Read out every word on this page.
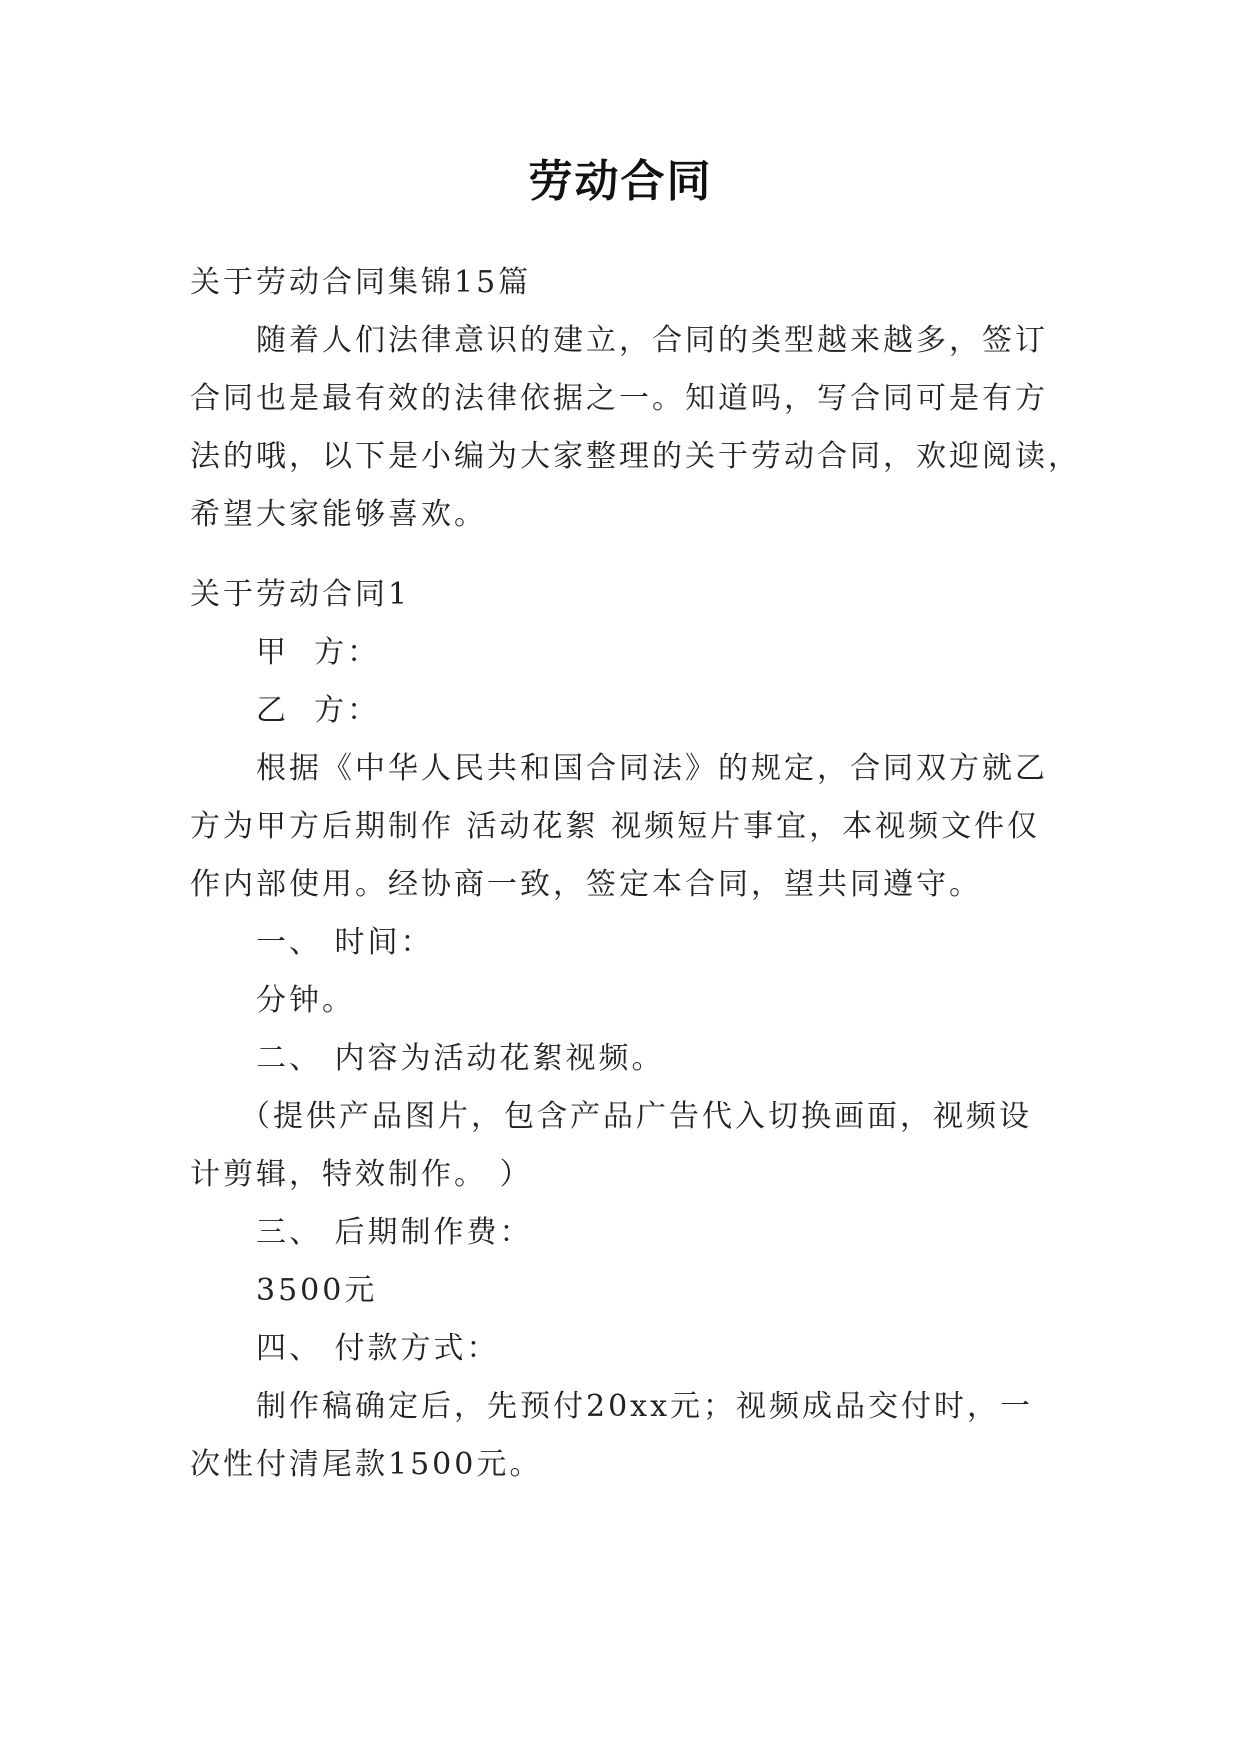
劳动合同
关于劳动合同集锦15篇
随着人们法律意识的建立，合同的类型越来越多，签订
合同也是最有效的法律依据之一。知道吗，写合同可是有方
法的哦，以下是小编为大家整理的关于劳动合同，欢迎阅读，
希望大家能够喜欢。
关于劳动合同1
甲  方：
乙  方：
根据《中华人民共和国合同法》的规定，合同双方就乙
方为甲方后期制作 活动花絮 视频短片事宜，本视频文件仅
作内部使用。经协商一致，签定本合同，望共同遵守。
一、 时间：
分钟。
二、 内容为活动花絮视频。
（提供产品图片，包含产品广告代入切换画面，视频设
计剪辑，特效制作。 ）
三、 后期制作费：
3500元
四、 付款方式：
制作稿确定后，先预付20xx元；视频成品交付时，一
次性付清尾款1500元。
